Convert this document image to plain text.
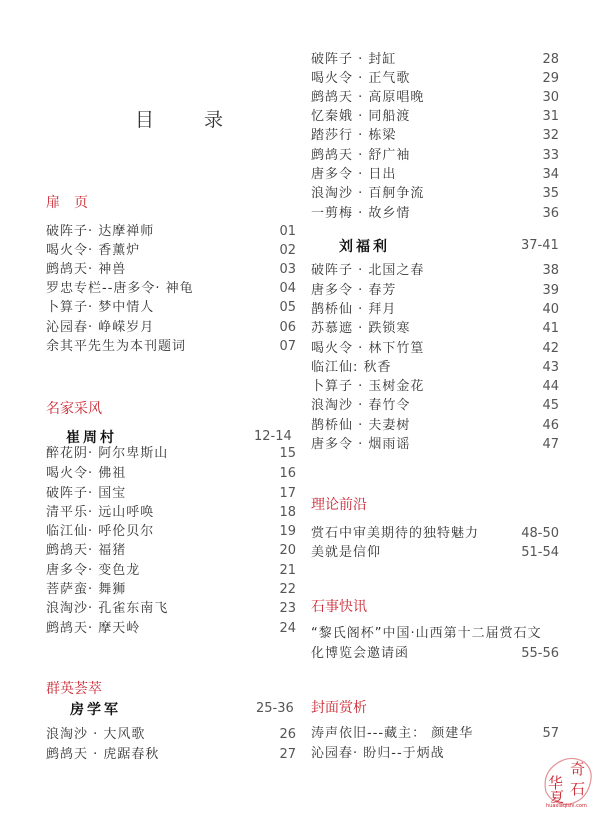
目 录
扉　页
破阵子· 达摩禅师	01
喝火令· 香薰炉	02
鹧鸪天· 神兽	03
罗忠专栏--唐多令· 神龟	04
卜算子· 梦中情人	05
沁园春· 峥嵘岁月	06
余其平先生为本刊题词	07
名家采风
崔周村	12-14
醉花阴· 阿尔卑斯山	15
喝火令· 佛祖	16
破阵子· 国宝	17
清平乐· 远山呼唤	18
临江仙· 呼伦贝尔	19
鹧鸪天· 福猪	20
唐多令· 变色龙	21
菩萨蛮· 舞狮	22
浪淘沙· 孔雀东南飞	23
鹧鸪天· 摩天岭	24
群英荟萃
房学军	25-36
浪淘沙 · 大风歌	26
鹧鸪天 · 虎踞春秋	27
破阵子 · 封缸	28
喝火令 · 正气歌	29
鹧鸪天 · 高原唱晚	30
忆秦娥 · 同船渡	31
踏莎行 · 栋梁	32
鹧鸪天 · 舒广袖	33
唐多令 · 日出	34
浪淘沙 · 百舸争流	35
一剪梅 · 故乡情	36
刘福利	37-41
破阵子 · 北国之春	38
唐多令 · 春芳	39
鹊桥仙 · 拜月	40
苏慕遮 · 跌锁寒	41
喝火令 · 林下竹篁	42
临江仙: 秋香	43
卜算子 · 玉树金花	44
浪淘沙 · 春竹令	45
鹊桥仙 · 夫妻树	46
唐多令 · 烟雨谣	47
理论前沿
赏石中审美期待的独特魅力	48-50
美就是信仰	51-54
石事快讯
“黎氏阁杯”中国·山西第十二届赏石文
化博览会邀请函	55-56
封面赏析
涛声依旧---藏主： 颜建华	57
沁园春· 盼归--于炳战
奇
华 石
夏
huaxiaqishi.com
